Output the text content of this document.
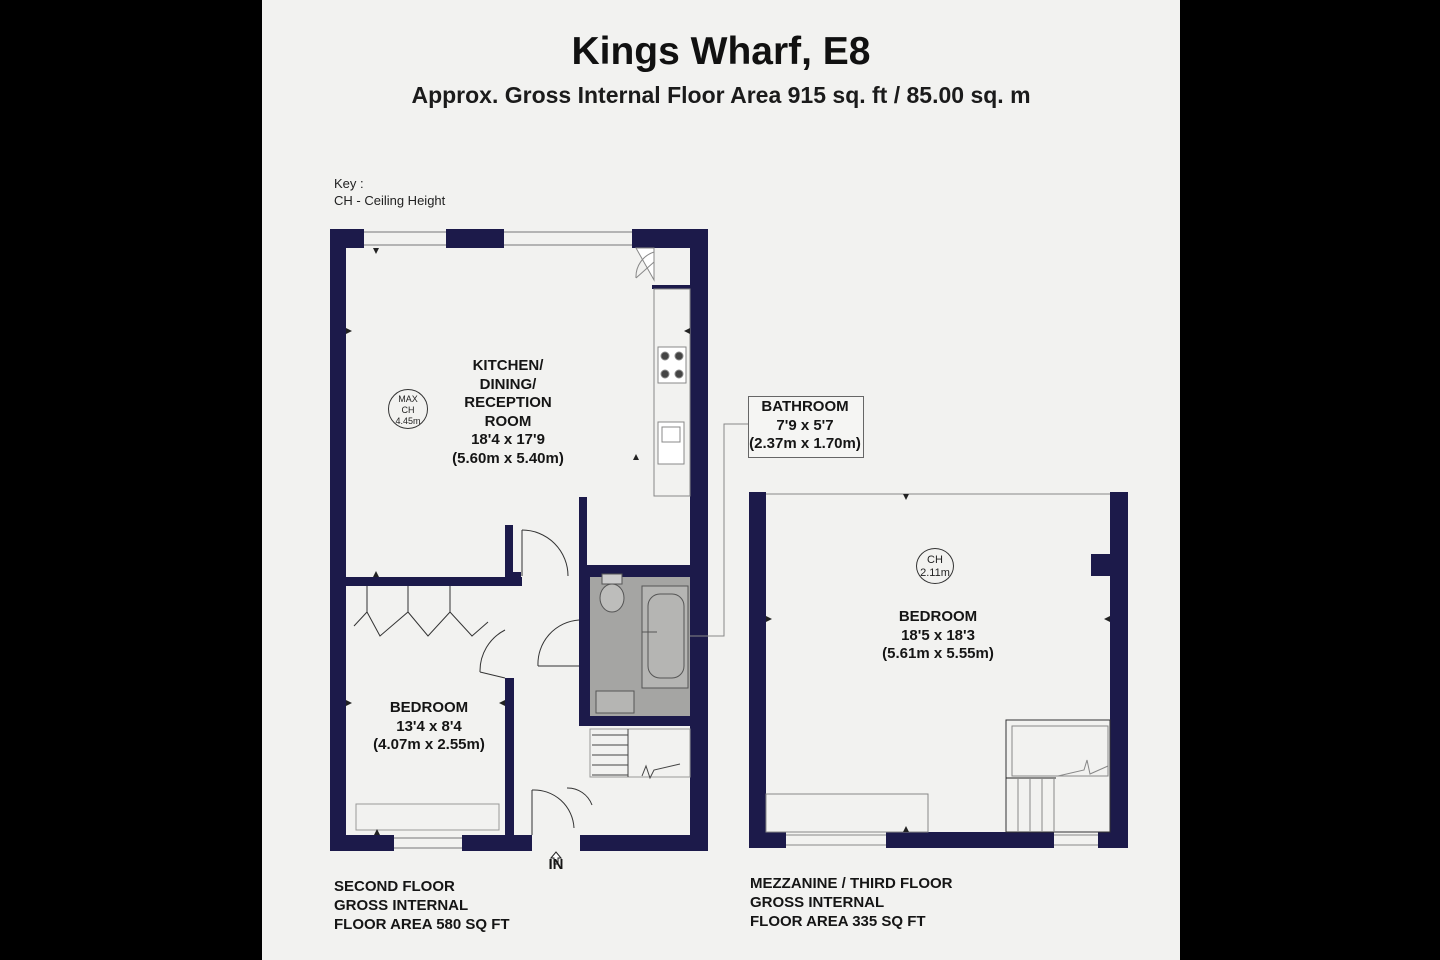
Kings Wharf, E8
Approx. Gross Internal Floor Area 915 sq. ft / 85.00 sq. m
Key :
CH - Ceiling Height
KITCHEN/
DINING/
RECEPTION
ROOM
18'4 x 17'9
(5.60m x 5.40m)
MAX
CH
4.45m
BATHROOM
7'9 x 5'7
(2.37m x 1.70m)
BEDROOM
13'4 x 8'4
(4.07m x 2.55m)
BEDROOM
18'5 x 18'3
(5.61m x 5.55m)
CH
2.11m
IN
SECOND FLOOR
GROSS INTERNAL
FLOOR AREA 580 SQ FT
MEZZANINE / THIRD FLOOR
GROSS INTERNAL
FLOOR AREA 335 SQ FT
